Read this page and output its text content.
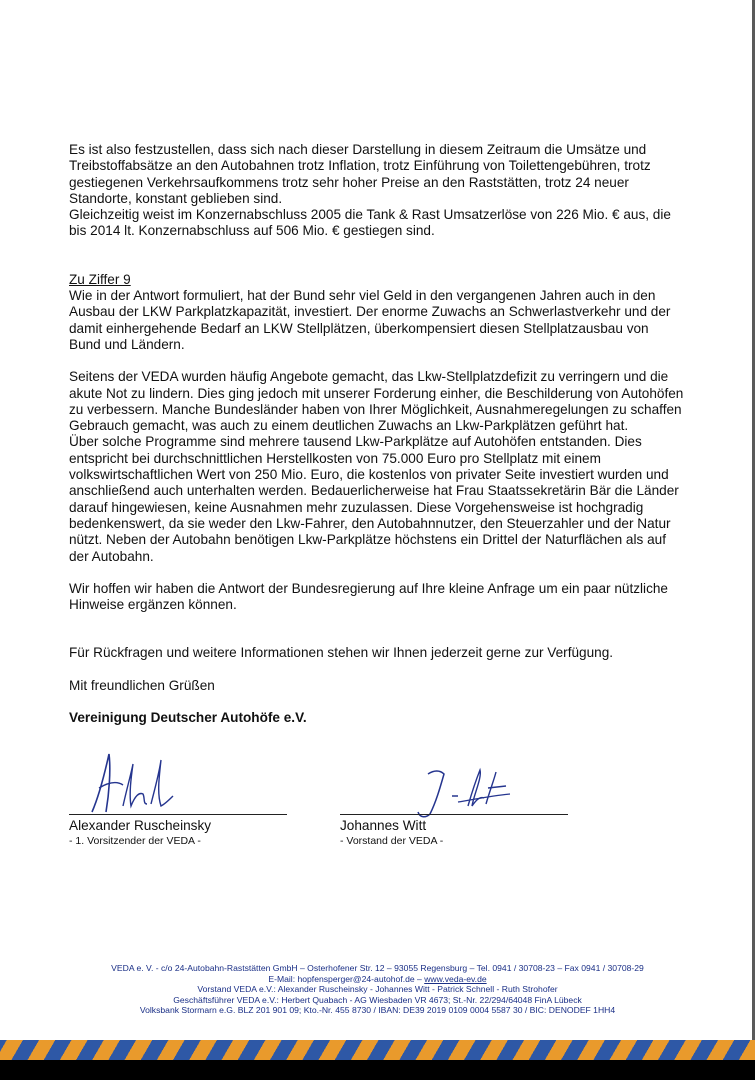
Es ist also festzustellen, dass sich nach dieser Darstellung in diesem Zeitraum die Umsätze und Treibstoffabsätze an den Autobahnen trotz Inflation, trotz Einführung von Toilettengebühren, trotz gestiegenen Verkehrsaufkommens trotz sehr hoher Preise an den Raststätten, trotz 24 neuer Standorte, konstant geblieben sind.

Gleichzeitig weist im Konzernabschluss 2005 die Tank & Rast Umsatzerlöse von 226 Mio. € aus, die bis 2014 lt. Konzernabschluss auf 506 Mio. € gestiegen sind.

Zu Ziffer 9

Wie in der Antwort formuliert, hat der Bund sehr viel Geld in den vergangenen Jahren auch in den Ausbau der LKW Parkplatzkapazität, investiert. Der enorme Zuwachs an Schwerlastverkehr und der damit einhergehende Bedarf an LKW Stellplätzen, überkompensiert diesen Stellplatzausbau von Bund und Ländern.

Seitens der VEDA wurden häufig Angebote gemacht, das Lkw-Stellplatzdefizit zu verringern und die akute Not zu lindern. Dies ging jedoch mit unserer Forderung einher, die Beschilderung von Autohöfen zu verbessern. Manche Bundesländer haben von Ihrer Möglichkeit, Ausnahmeregelungen zu schaffen Gebrauch gemacht, was auch zu einem deutlichen Zuwachs an Lkw-Parkplätzen geführt hat.

Über solche Programme sind mehrere tausend Lkw-Parkplätze auf Autohöfen entstanden. Dies entspricht bei durchschnittlichen Herstellkosten von 75.000 Euro pro Stellplatz mit einem volkswirtschaftlichen Wert von 250 Mio. Euro, die kostenlos von privater Seite investiert wurden und anschließend auch unterhalten werden. Bedauerlicherweise hat Frau Staatssekretärin Bär die Länder darauf hingewiesen, keine Ausnahmen mehr zuzulassen. Diese Vorgehensweise ist hochgradig bedenkenswert, da sie weder den Lkw-Fahrer, den Autobahnnutzer, den Steuerzahler und der Natur nützt. Neben der Autobahn benötigen Lkw-Parkplätze höchstens ein Drittel der Naturflächen als auf der Autobahn.

Wir hoffen wir haben die Antwort der Bundesregierung auf Ihre kleine Anfrage um ein paar nützliche Hinweise ergänzen können.

Für Rückfragen und weitere Informationen stehen wir Ihnen jederzeit gerne zur Verfügung.

Mit freundlichen Grüßen

Vereinigung Deutscher Autohöfe e.V.

Alexander Ruscheinsky
- 1. Vorsitzender der VEDA -
Johannes Witt
- Vorstand der VEDA -
VEDA e. V. - c/o 24-Autobahn-Raststätten GmbH – Osterhofener Str. 12 – 93055 Regensburg – Tel. 0941 / 30708-23 – Fax 0941 / 30708-29
E-Mail: hopfensperger@24-autohof.de – www.veda-ev.de
Vorstand VEDA e.V.: Alexander Ruscheinsky - Johannes Witt - Patrick Schnell - Ruth Strohofer
Geschäftsführer VEDA e.V.: Herbert Quabach - AG Wiesbaden VR 4673; St.-Nr. 22/294/64048 FinA Lübeck
Volksbank Stormarn e.G. BLZ 201 901 09; Kto.-Nr. 455 8730 / IBAN: DE39 2019 0109 0004 5587 30 / BIC: DENODEF 1HH4
